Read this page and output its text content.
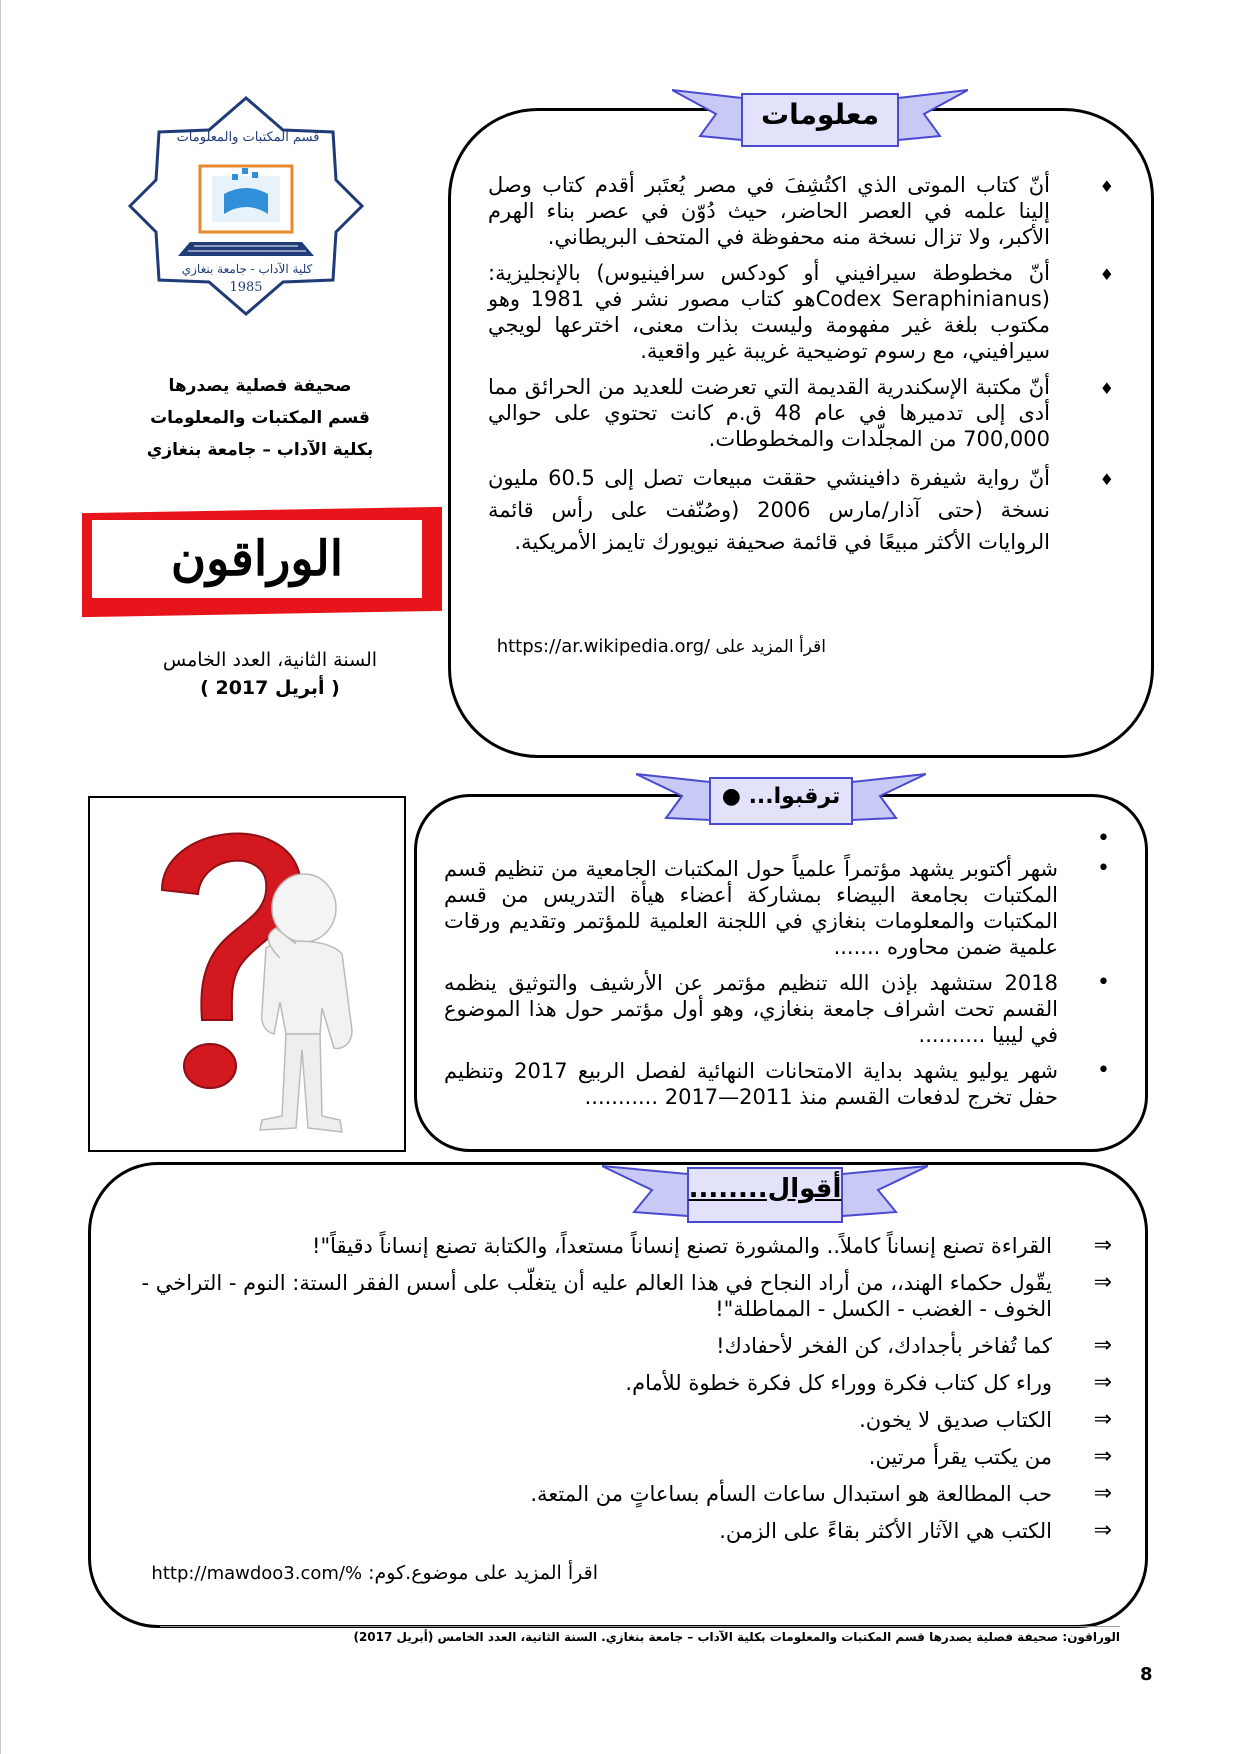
قسم المكتبات والمعلومات
كلية الآداب - جامعة بنغازي
1985
صحيفة فصلية يصدرها
قسم المكتبات والمعلومات
بكلية الآداب – جامعة بنغازي
الوراقون
السنة الثانية، العدد الخامس
( أبريل 2017 )
معلومات
♦
أنّ كتاب الموتى الذي اكتُشِفَ في مصر يُعتَبر أقدم كتاب وصل إلينا علمه في العصر الحاضر، حيث دُوّن في عصر بناء الهرم الأكبر، ولا تزال نسخة منه محفوظة في المتحف البريطاني.
♦
أنّ مخطوطة سيرافيني أو كودكس سرافينيوس) بالإنجليزية: (Codex Seraphinianusهو كتاب مصور نشر في 1981 وهو مكتوب بلغة غير مفهومة وليست بذات معنى، اخترعها لويجي سيرافيني، مع رسوم توضيحية غريبة غير واقعية.
♦
أنّ مكتبة الإسكندرية القديمة التي تعرضت للعديد من الحرائق مما أدى إلى تدميرها في عام 48 ق.م كانت تحتوي على حوالي 700,000 من المجلّدات والمخطوطات.
♦
أنّ رواية شيفرة دافينشي حققت مبيعات تصل إلى 60.5 مليون نسخة (حتى آذار/مارس 2006 (وصُنّفت على رأس قائمة الروايات الأكثر مبيعًا في قائمة صحيفة نيويورك تايمز الأمريكية.
اقرأ المزيد على https://ar.wikipedia.org/
ترقبوا... ●
•
•
شهر أكتوبر يشهد مؤتمراً علمياً حول المكتبات الجامعية من تنظيم قسم المكتبات بجامعة البيضاء بمشاركة أعضاء هيأة التدريس من قسم المكتبات والمعلومات بنغازي في اللجنة العلمية للمؤتمر وتقديم ورقات علمية ضمن محاوره .......
•
2018 ستشهد بإذن الله تنظيم مؤتمر عن الأرشيف والتوثيق ينظمه القسم تحت اشراف جامعة بنغازي، وهو أول مؤتمر حول هذا الموضوع في ليبيا ..........
•
شهر يوليو يشهد بداية الامتحانات النهائية لفصل الربيع 2017 وتنظيم حفل تخرج لدفعات القسم منذ 2011—2017 ...........
أقوال........
⇒
القراءة تصنع إنساناً كاملاً.. والمشورة تصنع إنساناً مستعداً، والكتابة تصنع إنساناً دقيقاً"!
⇒
يقّول حكماء الهند،، من أراد النجاح في هذا العالم عليه أن يتغلّب على أسس الفقر الستة: النوم - التراخي - الخوف - الغضب - الكسل - المماطلة"!
⇒
كما تُفاخر بأجدادك، كن الفخر لأحفادك!
⇒
وراء كل كتاب فكرة ووراء كل فكرة خطوة للأمام.
⇒
الكتاب صديق لا يخون.
⇒
من يكتب يقرأ مرتين.
⇒
حب المطالعة هو استبدال ساعات السأم بساعاتٍ من المتعة.
⇒
الكتب هي الآثار الأكثر بقاءً على الزمن.
اقرأ المزيد على موضوع.كوم: http://mawdoo3.com/%
الوراقون: صحيفة فصلية يصدرها قسم المكتبات والمعلومات بكلية الآداب – جامعة بنغازي. السنة الثانية، العدد الخامس (أبريل 2017)
8
